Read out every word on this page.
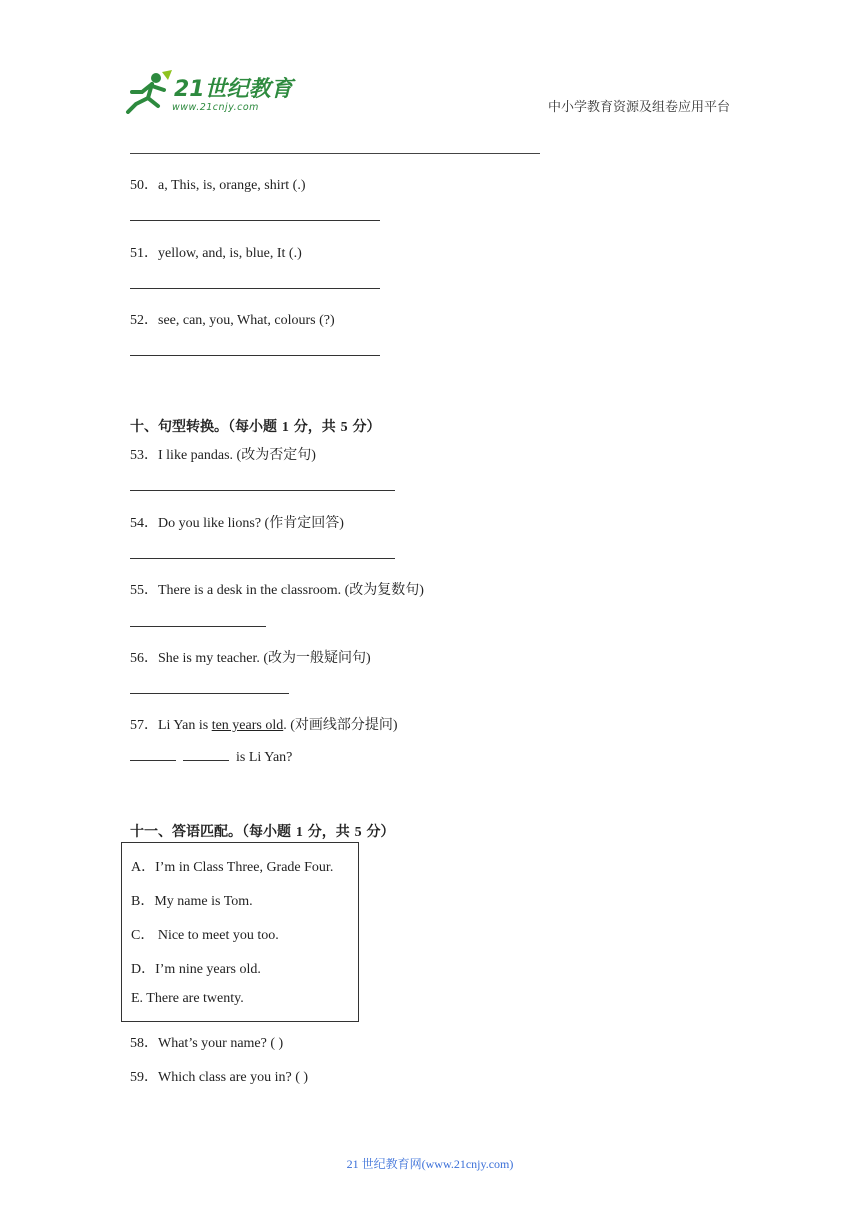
21世纪教育
www.21cnjy.com	中小学教育资源及组卷应用平台
50．a, This, is, orange, shirt (.)
51．yellow, and, is, blue, It (.)
52．see, can, you, What, colours (?)
十、句型转换。（每小题 1 分，共 5 分）
53．I like pandas. (改为否定句)
54．Do you like lions? (作肯定回答)
55．There is a desk in the classroom. (改为复数句)
56．She is my teacher. (改为一般疑问句)
57．Li Yan is ten years old. (对画线部分提问)
is Li Yan?
十一、答语匹配。（每小题 1 分，共 5 分）
A．I’m in Class Three, Grade Four.
B．My name is Tom.
C． Nice to meet you too.
D．I’m nine years old.
E. There are twenty.
58．What’s your name? ( )
59．Which class are you in? ( )
21 世纪教育网(www.21cnjy.com)
